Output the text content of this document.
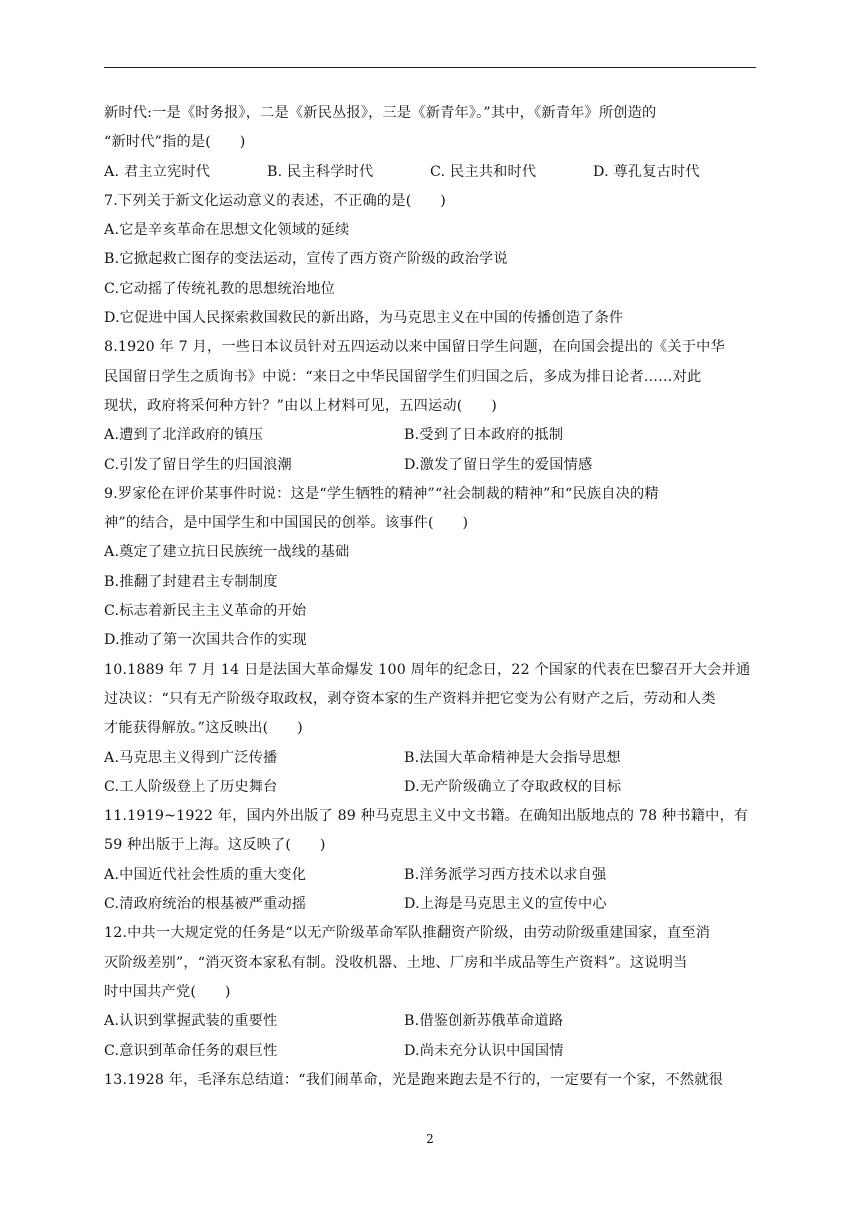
新时代:一是《时务报》，二是《新民丛报》，三是《新青年》。”其中，《新青年》所创造的
“新时代”指的是(　　)
A. 君主立宪时代	B. 民主科学时代	C. 民主共和时代	D. 尊孔复古时代
7.下列关于新文化运动意义的表述，不正确的是(　　)
A.它是辛亥革命在思想文化领域的延续
B.它掀起救亡图存的变法运动，宣传了西方资产阶级的政治学说
C.它动摇了传统礼教的思想统治地位
D.它促进中国人民探索救国救民的新出路，为马克思主义在中国的传播创造了条件
8.1920 年 7 月，一些日本议员针对五四运动以来中国留日学生问题，在向国会提出的《关于中华
民国留日学生之质询书》中说：“来日之中华民国留学生们归国之后，多成为排日论者……对此
现状，政府将采何种方针？”由以上材料可见，五四运动(　　)
A.遭到了北洋政府的镇压	B.受到了日本政府的抵制
C.引发了留日学生的归国浪潮	D.激发了留日学生的爱国情感
9.罗家伦在评价某事件时说：这是“学生牺牲的精神”“社会制裁的精神”和“民族自决的精
神”的结合，是中国学生和中国国民的创举。该事件(　　)
A.奠定了建立抗日民族统一战线的基础
B.推翻了封建君主专制制度
C.标志着新民主主义革命的开始
D.推动了第一次国共合作的实现
10.1889 年 7 月 14 日是法国大革命爆发 100 周年的纪念日，22 个国家的代表在巴黎召开大会并通
过决议：“只有无产阶级夺取政权，剥夺资本家的生产资料并把它变为公有财产之后，劳动和人类
才能获得解放。”这反映出(　　)
A.马克思主义得到广泛传播	B.法国大革命精神是大会指导思想
C.工人阶级登上了历史舞台	D.无产阶级确立了夺取政权的目标
11.1919~1922 年，国内外出版了 89 种马克思主义中文书籍。在确知出版地点的 78 种书籍中，有
59 种出版于上海。这反映了(　　)
A.中国近代社会性质的重大变化	B.洋务派学习西方技术以求自强
C.清政府统治的根基被严重动摇	D.上海是马克思主义的宣传中心
12.中共一大规定党的任务是“以无产阶级革命军队推翻资产阶级，由劳动阶级重建国家，直至消
灭阶级差别”，“消灭资本家私有制。没收机器、土地、厂房和半成品等生产资料”。这说明当
时中国共产党(　　)
A.认识到掌握武装的重要性	B.借鉴创新苏俄革命道路
C.意识到革命任务的艰巨性	D.尚未充分认识中国国情
13.1928 年，毛泽东总结道：“我们闹革命，光是跑来跑去是不行的，一定要有一个家，不然就很
2
